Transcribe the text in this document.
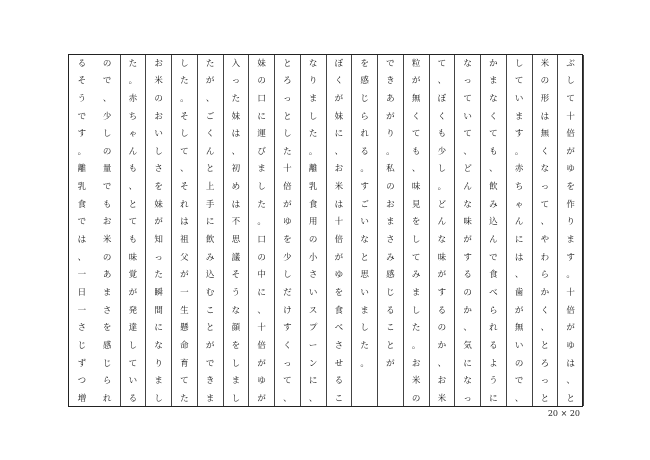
ぶ
し
て
十
倍
が
ゆ
を
作
り
ま
す
。
十
倍
が
ゆ
は
、
と
米
の
形
は
無
く
な
っ
て
、
や
わ
ら
か
く
、
と
ろ
っ
と
し
て
い
ま
す
。
赤
ち
ゃ
ん
に
は
、
歯
が
無
い
の
で
、
か
ま
な
く
て
も
、
飲
み
込
ん
で
食
べ
ら
れ
る
よ
う
に
な
っ
て
い
て
、
ど
ん
な
味
が
す
る
の
か
、
気
に
な
っ
て
、
ぼ
く
も
少
し
。
ど
ん
な
味
が
す
る
の
か
、
お
米
粒
が
無
く
て
も
、
味
見
を
し
て
み
ま
し
た
。
お
米
の
で
き
あ
が
り
。
私
の
お
ま
さ
み
感
じ
る
こ
と
が
を
感
じ
ら
れ
る
。
す
ご
い
な
と
思
い
ま
し
た
。
ぼ
く
が
妹
に
、
お
米
は
十
倍
が
ゆ
を
食
べ
さ
せ
る
こ
な
り
ま
し
た
。
離
乳
食
用
の
小
さ
い
ス
プ
ー
ン
に
、
と
ろ
っ
と
し
た
十
倍
が
ゆ
を
少
し
だ
け
す
く
っ
て
、
妹
の
口
に
運
び
ま
し
た
。
口
の
中
に
、
十
倍
が
ゆ
が
入
っ
た
妹
は
、
初
め
は
不
思
議
そ
う
な
顔
を
し
ま
し
た
が
、
ご
く
ん
と
上
手
に
飲
み
込
む
こ
と
が
で
き
ま
し
た
。
そ
し
て
、
そ
れ
は
祖
父
が
一
生
懸
命
育
て
た
お
米
の
お
い
し
さ
を
妹
が
知
っ
た
瞬
間
に
な
り
ま
し
た
。
赤
ち
ゃ
ん
も
、
と
て
も
味
覚
が
発
達
し
て
い
る
の
で
、
少
し
の
量
で
も
お
米
の
あ
ま
さ
を
感
じ
ら
れ
る
そ
う
で
す
。
離
乳
食
で
は
、
一
日
一
さ
じ
ず
つ
増
20 × 20
